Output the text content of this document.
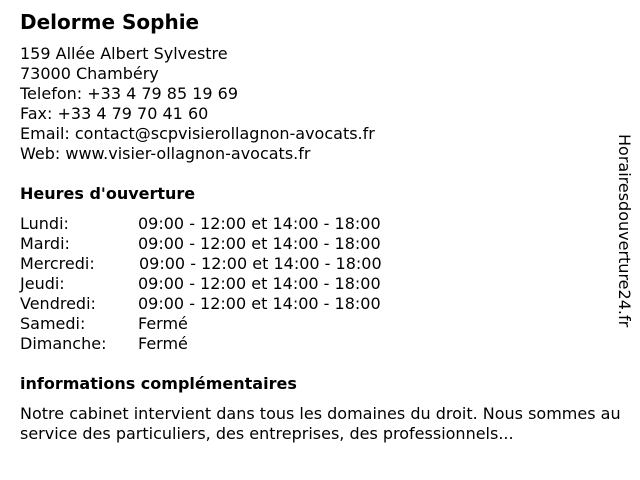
Delorme Sophie
159 Allée Albert Sylvestre
73000 Chambéry
Telefon: +33 4 79 85 19 69
Fax: +33 4 79 70 41 60
Email: contact@scpvisierollagnon-avocats.fr
Web: www.visier-ollagnon-avocats.fr
Heures d'ouverture
Lundi:	09:00 - 12:00 et 14:00 - 18:00
Mardi:	09:00 - 12:00 et 14:00 - 18:00
Mercredi:	09:00 - 12:00 et 14:00 - 18:00
Jeudi:	09:00 - 12:00 et 14:00 - 18:00
Vendredi:	09:00 - 12:00 et 14:00 - 18:00
Samedi:	Fermé
Dimanche: Fermé
informations complémentaires
Notre cabinet intervient dans tous les domaines du droit. Nous sommes au service des particuliers, des entreprises, des professionnels...
Horairesdouverture24.fr
